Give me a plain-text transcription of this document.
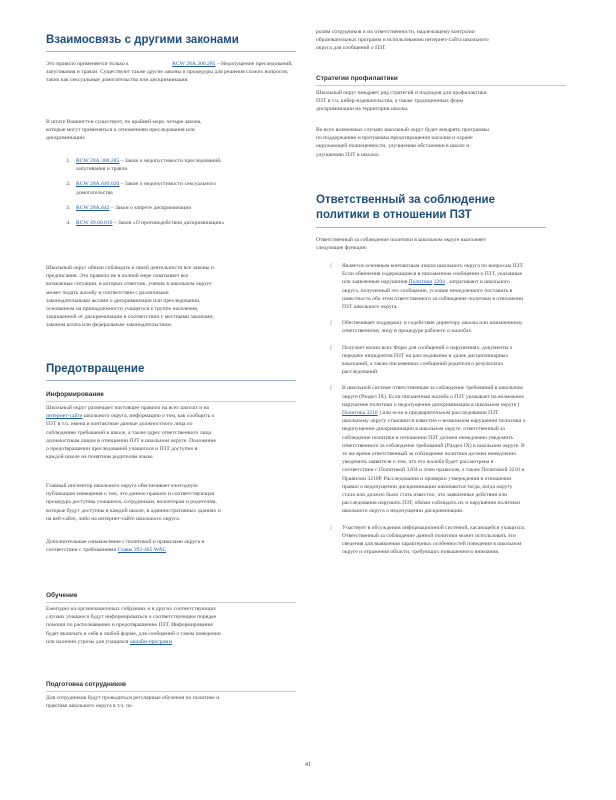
Взаимосвязь с другими законами

Это правило применяется только к	RCW 28A.300.285 – Недопущение преследований, запугивания и травли. Существуют также другие законы и процедуры для решения схожих вопросов, таких как сексуальные домогательства или дискриминация.

В штате Вашингтон существует, по крайней мере, четыре закона, которые могут применяться к отношениям преследования или дискриминации:

1. RCW 28A.300.285 – Закон о недопустимости преследований, запугивания и травли
2. RCW 28A.640.020 – Закон о недопустимости сексуального домогательства
3. RCW 28A.642 – Закон о запрете дискриминации
4. RCW 49.60.010 – Закон «О противодействии дискриминации»

Школьный округ обязан соблюдать в своей деятельности все законы и предписания. Это правило не в полной мере охватывает все возможные ситуации, в которых ответчик, ученик в школьном округе может подать жалобу в соответствии с различными законодательными актами о дискриминации или преследовании, основанном на принадлежности учащегося к группе населения, защищенной от дискриминации в соответствии с местными законами; законом штата или федеральным законодательством.

Предотвращение
Информирование

Школьный округ размещает настоящее правило на всех школах и на интернет-сайте школьного округа, информацию о том, как сообщить о ПЗТ в т.ч. имена и контактные данные должностного лица по соблюдению требований в школе, а также адрес ответственного лица должностным лицом в отношении ПЗТ в школьном округе. Положение о предотвращении преследований учащегося и ПЗТ доступно в каждой школе на понятном родителям языке.

Главный инспектор школьного округа обеспечивает ежегодную публикацию извещения о том, что данное правило и соответствующая процедура доступны учащимся, сотрудникам, волонтерам и родителям, которые будут доступны в каждой школе, в административных зданиях и на веб-сайте, либо на интернет-сайте школьного округа.

Дополнительные ознакомление с политикой и правилами округа в соответствии с требованиями Главы 392-405 WAC

Обучение

Ежегодно на организационных собраниях и в других соответствующих случаях учащиеся будут информироваться о соответствующем порядке помощи по распознаванию и предотвращению ПЗТ. Информирование будет включать в себя в любой форме, для сообщений о таком поведении или наличии угрозы для учащихся онлайн-программ

Подготовка сотрудников

Для сотрудников будут проводиться регулярные обучения по политике и практике школьного округа в т.ч. по

ролям сотрудников и их ответственности, надлежащему контролю образовательных программ и использованию интернет-сайта школьного округа для сообщений о ПЗТ.

Стратегии профилактики

Школьный округ внедряет ряд стратегий и подходов для профилактики ПЗТ в т.ч. кибер-издевательства, а также традиционных форм дискриминации на территории школы.

Во всех возможных случаях школьный округ будет внедрять программы по поддержанию и программы предотвращения насилия и охране окружающей полноценности, улучшению обстановки в школе и улучшению ПЗТ в школах.

Ответственный за соблюдение политики в отношении ПЗТ

Ответственный за соблюдение политики в школьном округе выполняет следующие функции:

ʃ Является основным контактным лицом школьного округа по вопросам ПЗТ. Если обвинения содержащиеся в письменном сообщении о ПЗТ, указанные или заявленные нарушения Политики 3204 , затрагивают и школьного округа, полученный это сообщение, условие немедленного поставить в известность обо этом ответственного за соблюдение политики в отношении ПЗТ школьного округа.
ʃ Обеспечивает поддержку и содействие директору школы или назначенному ответственному лицу в процедуре рабочего о жалобах.
ʃ Получает копии всех Форм для сообщений о нарушениях, документы о передаче инцидентов ПЗТ на расследование и далее дисциплинарных взысканий, а также письменных сообщений родителя о результатах расследований.
ʃ В школьной системе ответственным за соблюдение требований в школьном округе (Раздел IX). Если письменная жалоба о ПЗТ указывает на возможное нарушение политики о недопущении дискриминации в школьном округе ( Политика 3210 ) или если в предварительном расследовании ПЗТ школьному округу становится известно о возможном нарушении политики о недопущении дискриминации в школьном округе, ответственный за соблюдение политики в отношении ПЗТ должен немедленно уведомить ответственного за соблюдение требований (Раздел IX) в школьном округе. В то же время ответственный за соблюдение политики должен немедленно уведомить заявителя о том, что его жалоба будет рассмотрена в соответствии с Политикой 3204 и этим правилом, а также Политикой 3210 и Правилом 3210Р. Расследования и проверки утверждения в отношении правил о недопущении дискриминации начинаются тогда, когда округу стало или должно было стать известно, что заявленные действия или расследования нарушать ПЗТ, обязан соблюдать их и нарушения политики школьного округа о недопущении дискриминации.
ʃ Участвует в обсуждении информационной системой, касающейся учащихся. Ответственный за соблюдение данной политики может использовать эти сведения для выявления характерных особенностей поведения в школьном округе и отражения области, требующих повышенного внимания.
41
